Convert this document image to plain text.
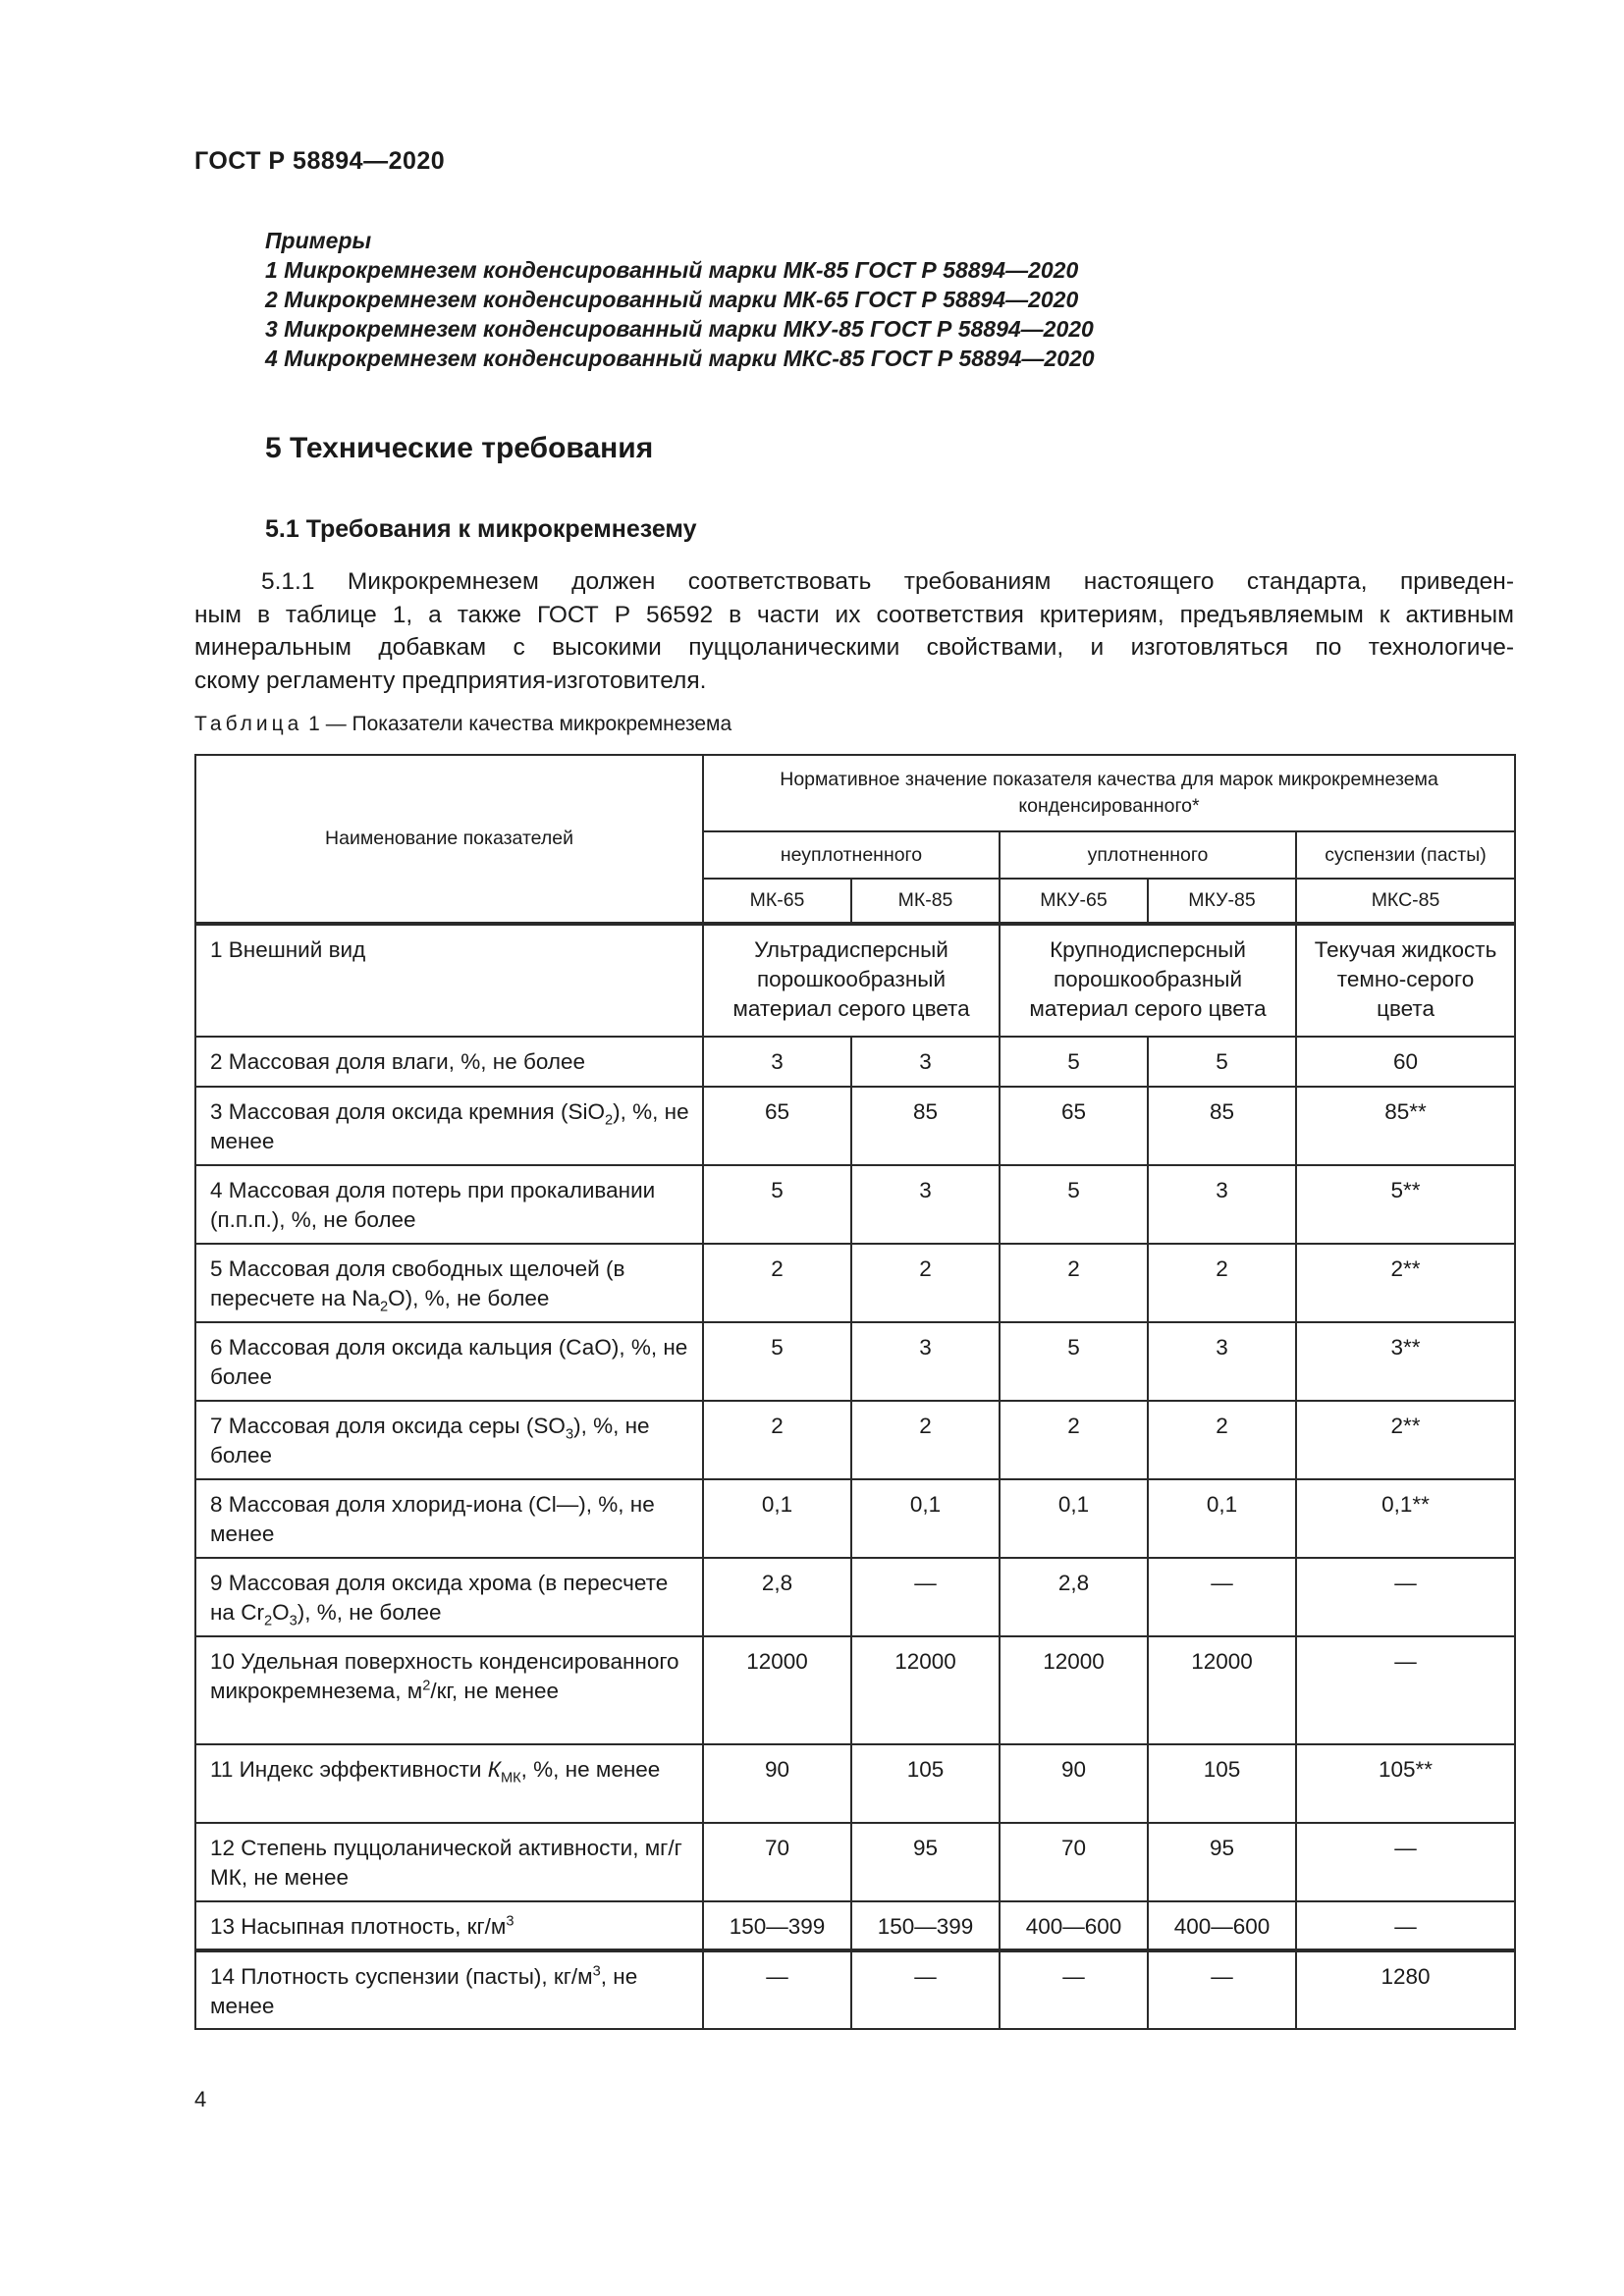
ГОСТ Р 58894—2020
Примеры
1 Микрокремнезем конденсированный марки МК-85 ГОСТ Р 58894—2020
2 Микрокремнезем конденсированный марки МК-65 ГОСТ Р 58894—2020
3 Микрокремнезем конденсированный марки МКУ-85 ГОСТ Р 58894—2020
4 Микрокремнезем конденсированный марки МКС-85 ГОСТ Р 58894—2020
5 Технические требования
5.1 Требования к микрокремнезему
5.1.1 Микрокремнезем должен соответствовать требованиям настоящего стандарта, приведен-
ным в таблице 1, а также ГОСТ Р 56592 в части их соответствия критериям, предъявляемым к активным
минеральным добавкам с высокими пуццоланическими свойствами, и изготовляться по технологиче-
скому регламенту предприятия-изготовителя.
Таблица 1 — Показатели качества микрокремнезема
Наименование показателей	Нормативное значение показателя качества для марок микрокремнезема конденсированного*				
	неуплотненного		уплотненного		суспензии (пасты)
	МК-65	МК-85	МКУ-65	МКУ-85	МКС-85
1 Внешний вид	Ультрадисперсный порошкообразный материал серого цвета		Крупнодисперсный порошкообразный материал серого цвета		Текучая жидкость темно-серого цвета
2 Массовая доля влаги, %, не более	3	3	5	5	60
3 Массовая доля оксида кремния (SiO$_2$), %, не менее	65	85	65	85	85**
4 Массовая доля потерь при прокаливании (п.п.п.), %, не более	5	3	5	3	5**
5 Массовая доля свободных щелочей (в пересчете на $Na_2O$), %, не более	2	2	2	2	2**
6 Массовая доля оксида кальция (СаО), %, не более	5	3	5	3	3**
7 Массовая доля оксида серы $(SO_3)$, %, не более	2	2	2	2	2**
8 Массовая доля хлорид-иона (Cl—), %, не менее	0,1	0,1	0,1	0,1	0,1**
9 Массовая доля оксида хрома (в пересчете на $Cr_2O_3$), %, не более	2,8	—	2,8	—	—
10 Удельная поверхность конденсированного микрокремнезема, $м^2/кг$, не менее	12000	12000	12000	12000	—
11 Индекс эффективности $К_{МК}$, %, не менее	90	105	90	105	105**
12 Степень пуццоланической активности, мг/г МК, не менее	70	95	70	95	—
13 Насыпная плотность, $кг/м^3$	150—399	150—399	400—600	400—600	—
14 Плотность суспензии (пасты), $кг/м^3$, не менее	—	—	—	—	1280
4
